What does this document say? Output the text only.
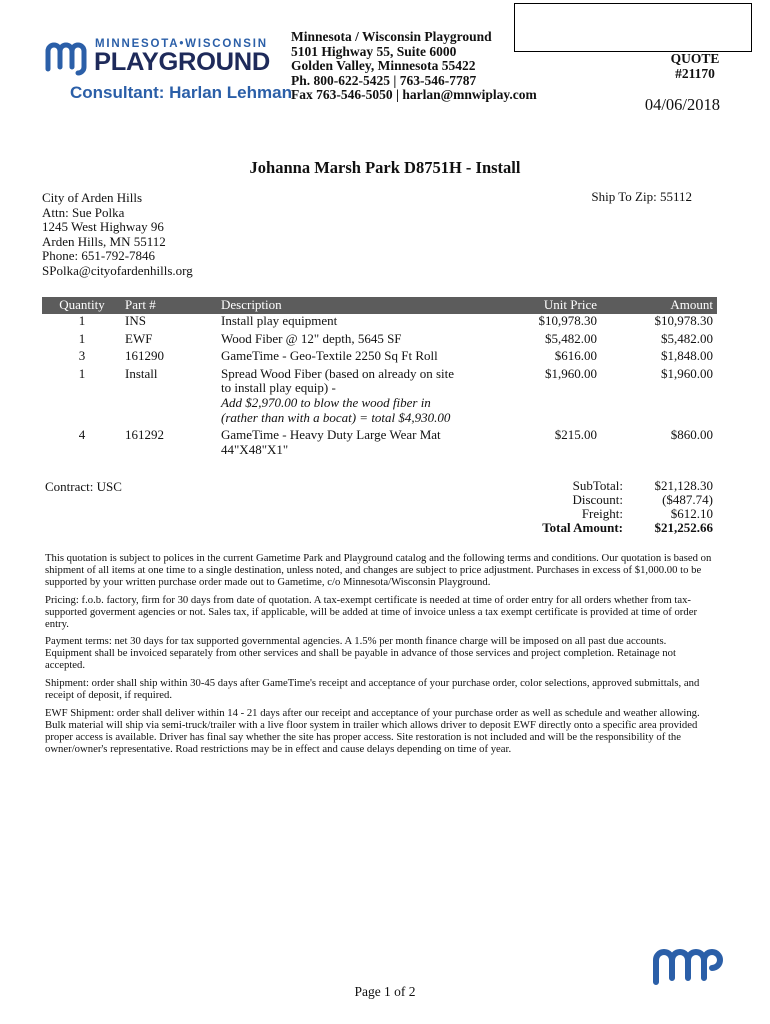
MINNESOTA•WISCONSIN
PLAYGROUND
Consultant: Harlan Lehman
Minnesota / Wisconsin Playground
5101 Highway 55, Suite 6000
Golden Valley, Minnesota 55422
Ph. 800-622-5425 | 763-546-7787
Fax 763-546-5050 | harlan@mnwiplay.com
QUOTE
#21170
04/06/2018
Johanna Marsh Park D8751H - Install
City of Arden Hills
Attn: Sue Polka
1245 West Highway 96
Arden Hills, MN 55112
Phone: 651-792-7846
SPolka@cityofardenhills.org
Ship To Zip: 55112
Quantity	Part #	Description	Unit Price	Amount
1	INS	Install play equipment	$10,978.30	$10,978.30
1	EWF	Wood Fiber @ 12" depth, 5645 SF	$5,482.00	$5,482.00
3	161290	GameTime - Geo-Textile 2250 Sq Ft Roll	$616.00	$1,848.00
1	Install	Spread Wood Fiber (based on already on site
to install play equip) -
Add $2,970.00 to blow the wood fiber in
(rather than with a bocat) = total $4,930.00	$1,960.00	$1,960.00
4	161292	GameTime - Heavy Duty Large Wear Mat
44"X48"X1"	$215.00	$860.00
Contract: USC	SubTotal:	$21,128.30
Discount:	($487.74)
Freight:	$612.10
Total Amount:	$21,252.66

This quotation is subject to polices in the current Gametime Park and Playground catalog and the following terms and conditions. Our quotation is based on shipment of all items at one time to a single destination, unless noted, and changes are subject to price adjustment. Purchases in excess of $1,000.00 to be supported by your written purchase order made out to Gametime, c/o Minnesota/Wisconsin Playground.

Pricing: f.o.b. factory, firm for 30 days from date of quotation. A tax-exempt certificate is needed at time of order entry for all orders whether from tax-supported goverment agencies or not. Sales tax, if applicable, will be added at time of invoice unless a tax exempt certificate is provided at time of order entry.

Payment terms: net 30 days for tax supported governmental agencies. A 1.5% per month finance charge will be imposed on all past due accounts. Equipment shall be invoiced separately from other services and shall be payable in advance of those services and project completion. Retainage not accepted.

Shipment: order shall ship within 30-45 days after GameTime's receipt and acceptance of your purchase order, color selections, approved submittals, and receipt of deposit, if required.

EWF Shipment: order shall deliver within 14 - 21 days after our receipt and acceptance of your purchase order as well as schedule and weather allowing. Bulk material will ship via semi-truck/trailer with a live floor system in trailer which allows driver to deposit EWF directly onto a specific area provided proper access is available. Driver has final say whether the site has proper access. Site restoration is not included and will be the responsibility of the owner/owner's representative. Road restrictions may be in effect and cause delays depending on time of year.

Page 1 of 2
